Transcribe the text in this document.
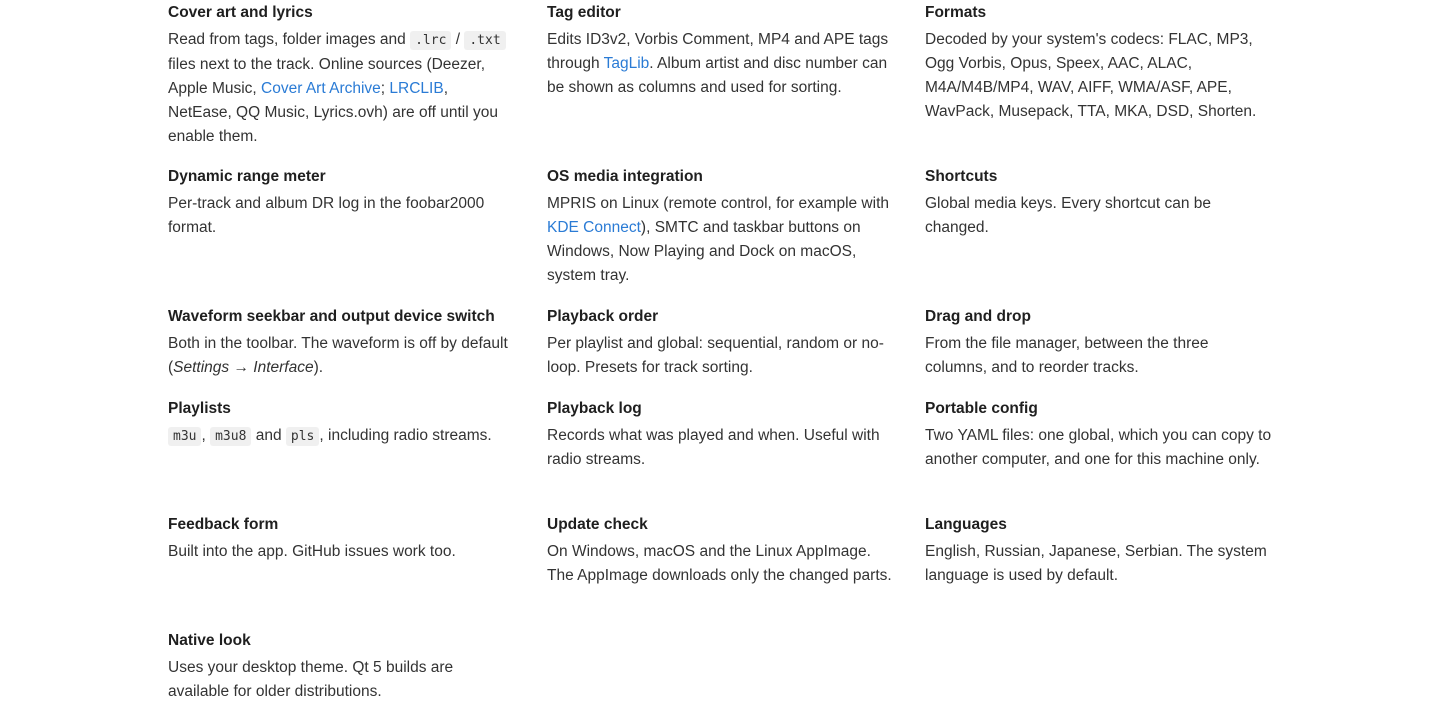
Cover art and lyrics

Read from tags, folder images and .lrc / .txt files next to the track. Online sources (Deezer, Apple Music, Cover Art Archive; LRCLIB, NetEase, QQ Music, Lyrics.ovh) are off until you enable them.

Tag editor

Edits ID3v2, Vorbis Comment, MP4 and APE tags through TagLib. Album artist and disc number can be shown as columns and used for sorting.

Formats

Decoded by your system's codecs: FLAC, MP3, Ogg Vorbis, Opus, Speex, AAC, ALAC, M4A/M4B/MP4, WAV, AIFF, WMA/ASF, APE, WavPack, Musepack, TTA, MKA, DSD, Shorten.

Dynamic range meter

Per-track and album DR log in the foobar2000 format.

OS media integration

MPRIS on Linux (remote control, for example with KDE Connect), SMTC and taskbar buttons on Windows, Now Playing and Dock on macOS, system tray.

Shortcuts

Global media keys. Every shortcut can be changed.

Waveform seekbar and output device switch

Both in the toolbar. The waveform is off by default (Settings → Interface).

Playback order

Per playlist and global: sequential, random or no-loop. Presets for track sorting.

Drag and drop

From the file manager, between the three columns, and to reorder tracks.

Playlists

m3u , m3u8 and pls , including radio streams.

Playback log

Records what was played and when. Useful with radio streams.

Portable config

Two YAML files: one global, which you can copy to another computer, and one for this machine only.

Feedback form

Built into the app. GitHub issues work too.

Update check

On Windows, macOS and the Linux AppImage. The AppImage downloads only the changed parts.

Languages

English, Russian, Japanese, Serbian. The system language is used by default.

Native look

Uses your desktop theme. Qt 5 builds are available for older distributions.
